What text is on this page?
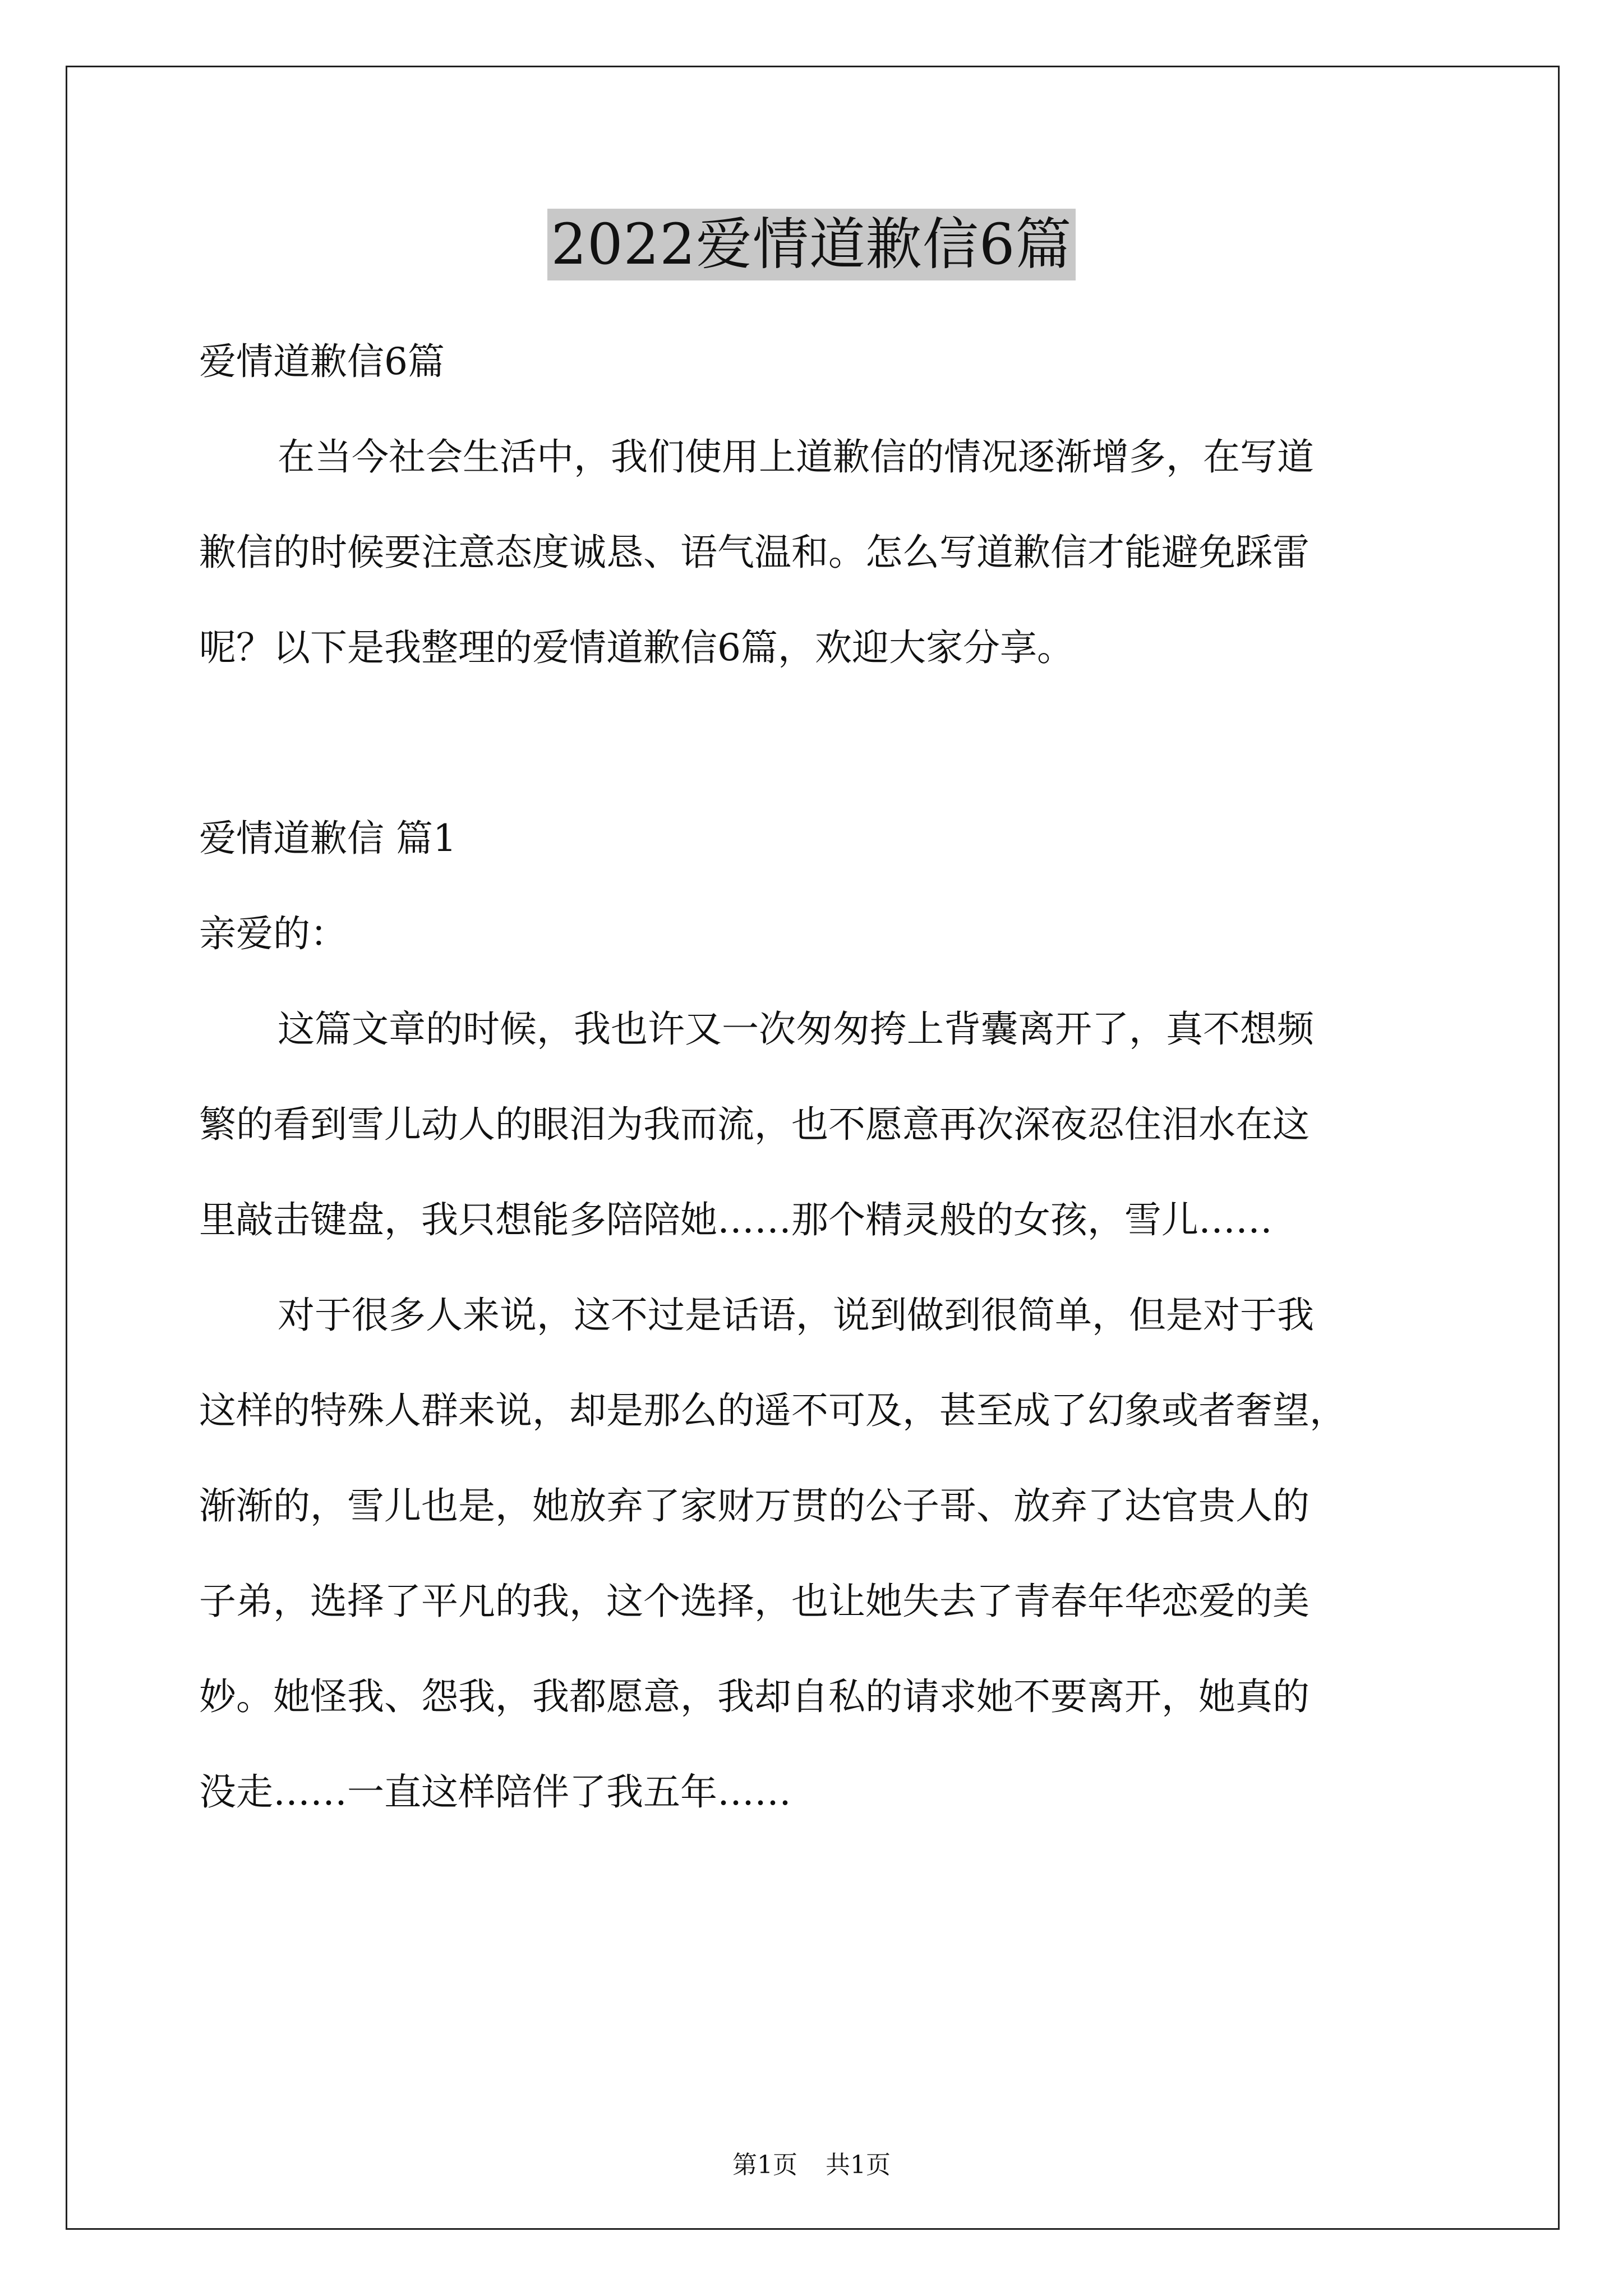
2022爱情道歉信6篇
爱情道歉信6篇
在当今社会生活中，我们使用上道歉信的情况逐渐增多，在写道
歉信的时候要注意态度诚恳、语气温和。怎么写道歉信才能避免踩雷
呢？以下是我整理的爱情道歉信6篇，欢迎大家分享。
爱情道歉信 篇1
亲爱的：
这篇文章的时候，我也许又一次匆匆挎上背囊离开了，真不想频
繁的看到雪儿动人的眼泪为我而流，也不愿意再次深夜忍住泪水在这
里敲击键盘，我只想能多陪陪她……那个精灵般的女孩，雪儿……
对于很多人来说，这不过是话语，说到做到很简单，但是对于我
这样的特殊人群来说，却是那么的遥不可及，甚至成了幻象或者奢望，
渐渐的，雪儿也是，她放弃了家财万贯的公子哥、放弃了达官贵人的
子弟，选择了平凡的我，这个选择，也让她失去了青春年华恋爱的美
妙。她怪我、怨我，我都愿意，我却自私的请求她不要离开，她真的
没走……一直这样陪伴了我五年……
第1页 共1页
